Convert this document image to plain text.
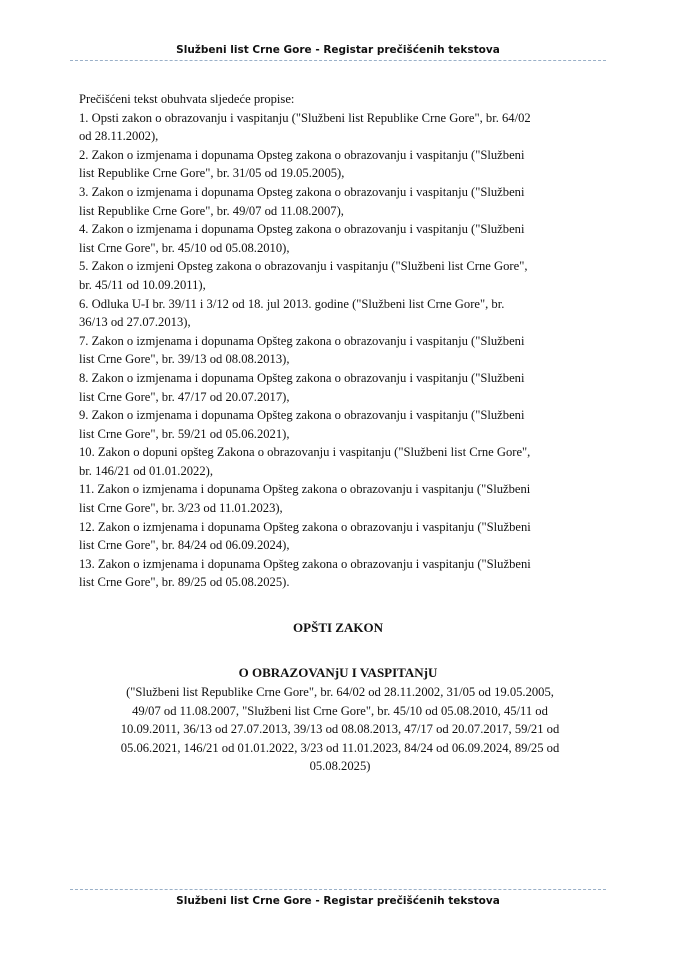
Službeni list Crne Gore - Registar prečišćenih tekstova

Prečišćeni tekst obuhvata sljedeće propise:

1. Opsti zakon o obrazovanju i vaspitanju ("Službeni list Republike Crne Gore", br. 64/02
od 28.11.2002),
2. Zakon o izmjenama i dopunama Opsteg zakona o obrazovanju i vaspitanju ("Službeni
list Republike Crne Gore", br. 31/05 od 19.05.2005),
3. Zakon o izmjenama i dopunama Opsteg zakona o obrazovanju i vaspitanju ("Službeni
list Republike Crne Gore", br. 49/07 od 11.08.2007),
4. Zakon o izmjenama i dopunama Opsteg zakona o obrazovanju i vaspitanju ("Službeni
list Crne Gore", br. 45/10 od 05.08.2010),
5. Zakon o izmjeni Opsteg zakona o obrazovanju i vaspitanju ("Službeni list Crne Gore",
br. 45/11 od 10.09.2011),
6. Odluka U-I br. 39/11 i 3/12 od 18. jul 2013. godine ("Službeni list Crne Gore", br.
36/13 od 27.07.2013),
7. Zakon o izmjenama i dopunama Opšteg zakona o obrazovanju i vaspitanju ("Službeni
list Crne Gore", br. 39/13 od 08.08.2013),
8. Zakon o izmjenama i dopunama Opšteg zakona o obrazovanju i vaspitanju ("Službeni
list Crne Gore", br. 47/17 od 20.07.2017),
9. Zakon o izmjenama i dopunama Opšteg zakona o obrazovanju i vaspitanju ("Službeni
list Crne Gore", br. 59/21 od 05.06.2021),
10. Zakon o dopuni opšteg Zakona o obrazovanju i vaspitanju ("Službeni list Crne Gore",
br. 146/21 od 01.01.2022),
11. Zakon o izmjenama i dopunama Opšteg zakona o obrazovanju i vaspitanju ("Službeni
list Crne Gore", br. 3/23 od 11.01.2023),
12. Zakon o izmjenama i dopunama Opšteg zakona o obrazovanju i vaspitanju ("Službeni
list Crne Gore", br. 84/24 od 06.09.2024),
13. Zakon o izmjenama i dopunama Opšteg zakona o obrazovanju i vaspitanju ("Službeni
list Crne Gore", br. 89/25 od 05.08.2025).
OPŠTI ZAKON
O OBRAZOVANjU I VASPITANjU
("Službeni list Republike Crne Gore", br. 64/02 od 28.11.2002, 31/05 od 19.05.2005,
49/07 od 11.08.2007, "Službeni list Crne Gore", br. 45/10 od 05.08.2010, 45/11 od
10.09.2011, 36/13 od 27.07.2013, 39/13 od 08.08.2013, 47/17 od 20.07.2017, 59/21 od
05.06.2021, 146/21 od 01.01.2022, 3/23 od 11.01.2023, 84/24 od 06.09.2024, 89/25 od
05.08.2025)
Službeni list Crne Gore - Registar prečišćenih tekstova
